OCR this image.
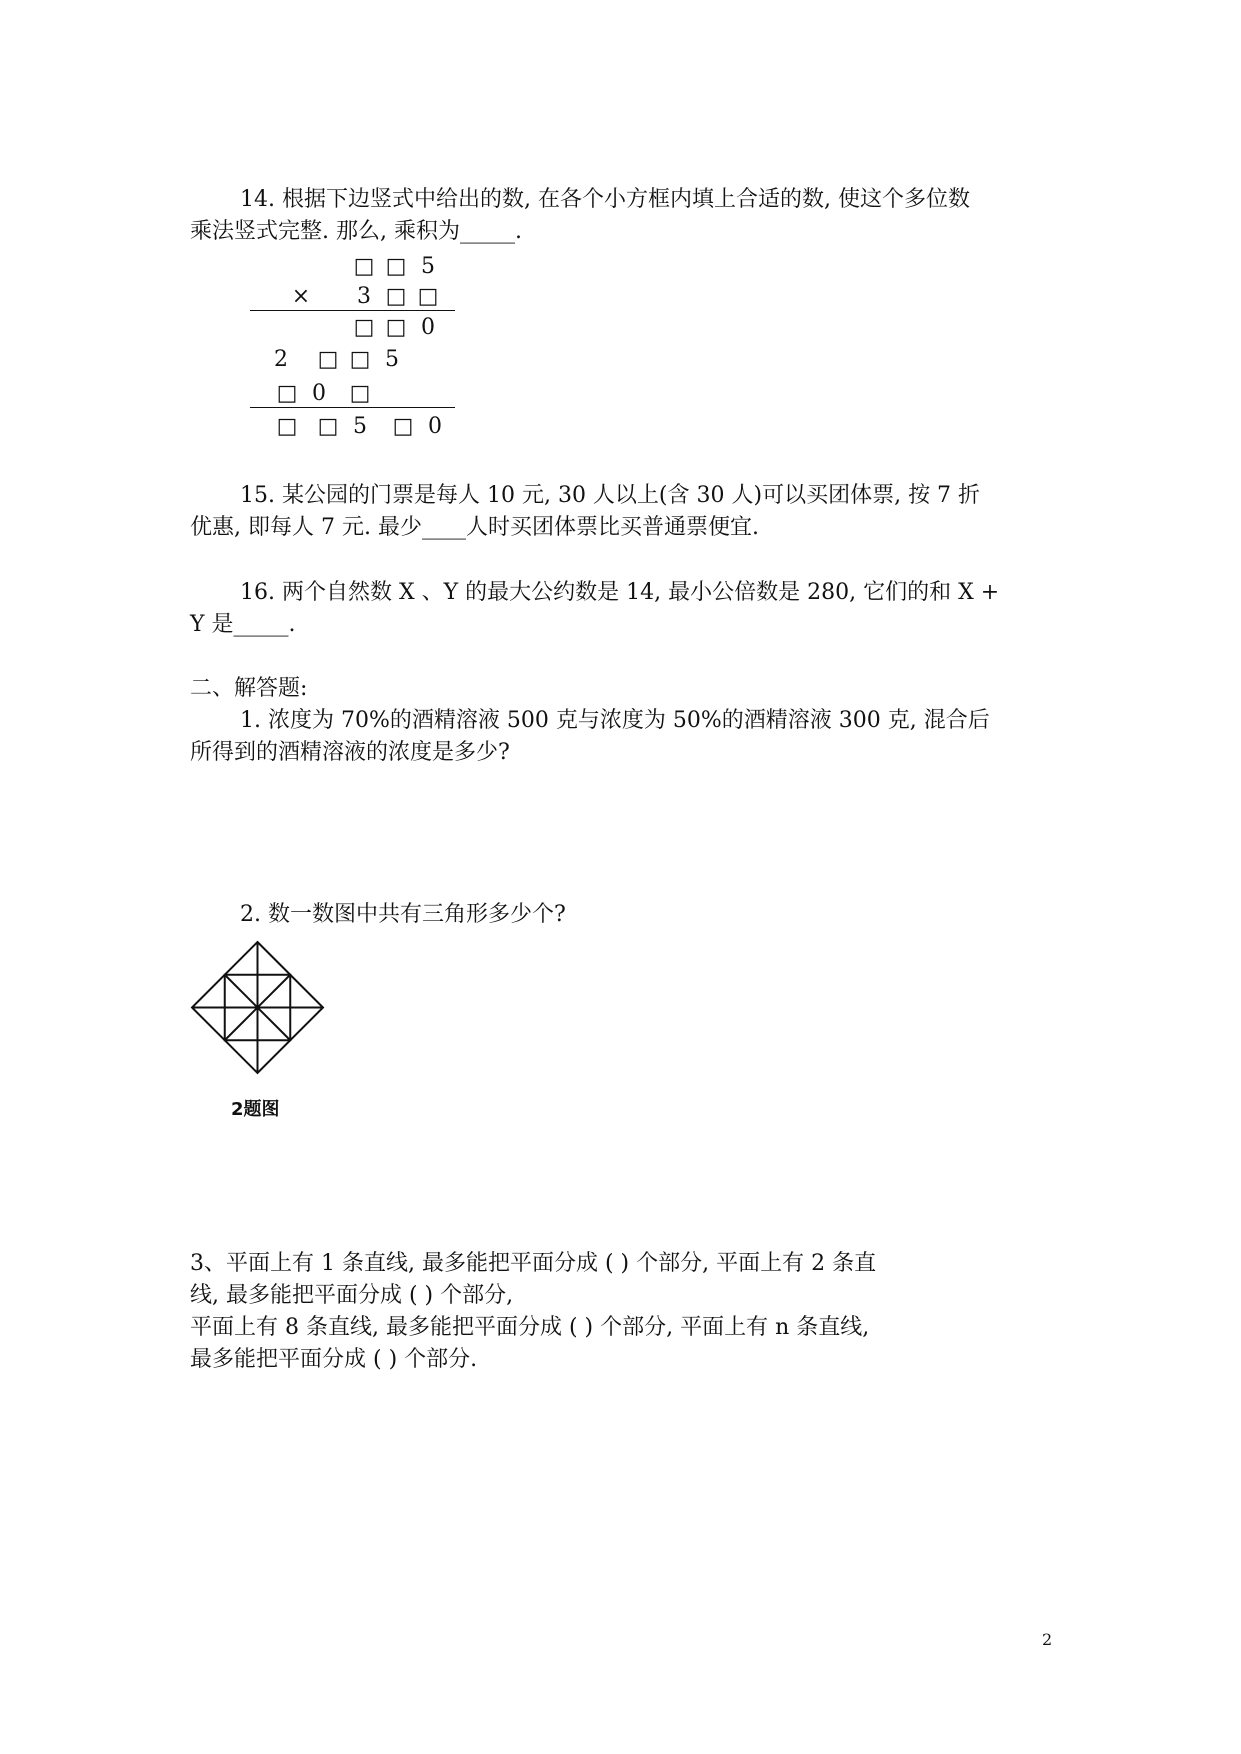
14. 根据下边竖式中给出的数, 在各个小方框内填上合适的数, 使这个多位数
乘法竖式完整. 那么, 乘积为_____.
□ □ 5
×	3 □ □
□ □ 0
2	□ □ 5
□ 0	□
□ □ 5	□ 0
15. 某公园的门票是每人 10 元, 30 人以上(含 30 人)可以买团体票, 按 7 折
优惠, 即每人 7 元. 最少____人时买团体票比买普通票便宜.
16. 两个自然数 X 、Y 的最大公约数是 14, 最小公倍数是 280, 它们的和 X +
Y 是_____.
二、解答题:
1. 浓度为 70%的酒精溶液 500 克与浓度为 50%的酒精溶液 300 克, 混合后
所得到的酒精溶液的浓度是多少?
2. 数一数图中共有三角形多少个?
2题图
3、平面上有 1 条直线, 最多能把平面分成 ( ) 个部分, 平面上有 2 条直
线, 最多能把平面分成 ( ) 个部分,
平面上有 8 条直线, 最多能把平面分成 ( ) 个部分, 平面上有 n 条直线,
最多能把平面分成 ( ) 个部分.
2
